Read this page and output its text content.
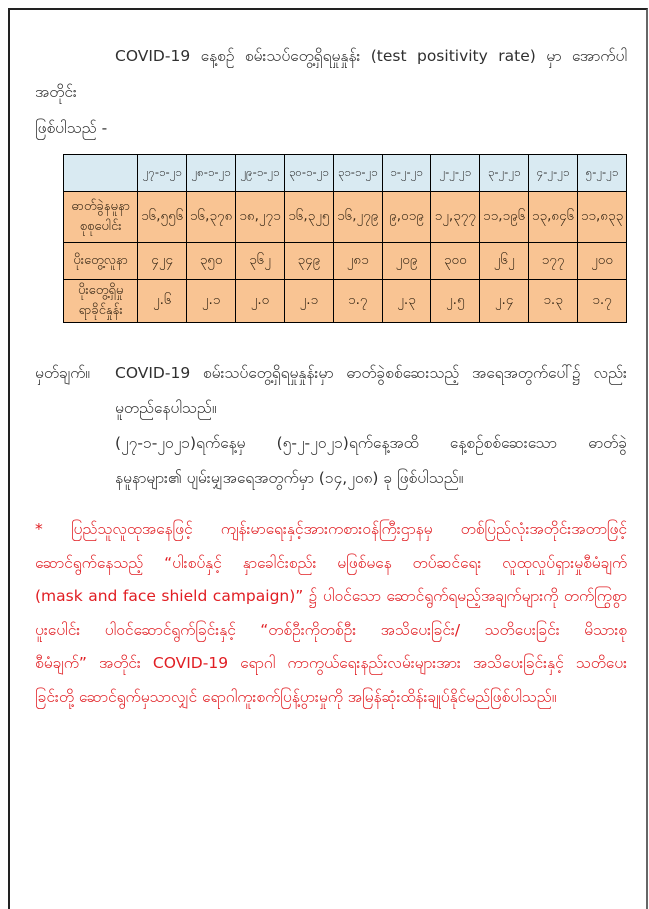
COVID-19 နေ့စဉ် စမ်းသပ်တွေ့ရှိရမှုနှုန်း (test positivity rate) မှာ အောက်ပါအတိုင်း
ဖြစ်ပါသည် -
	၂၇-၁-၂၁	၂၈-၁-၂၁	၂၉-၁-၂၁	၃၀-၁-၂၁	၃၁-၁-၂၁	၁-၂-၂၁	၂-၂-၂၁	၃-၂-၂၁	၄-၂-၂၁	၅-၂-၂၁

ဓာတ်ခွဲနမူနာ
စုစုပေါင်း	၁၆,၅၅၆	၁၆,၃၇၈	၁၈,၂၇၁	၁၆,၃၂၅	၁၆,၂၇၉	၉,၀၁၉	၁၂,၃၇၇	၁၁,၁၉၆	၁၃,၈၄၆	၁၁,၈၃၃

ပိုးတွေ့လူနာ	၄၂၄	၃၅၀	၃၆၂	၃၄၉	၂၈၁	၂၀၉	၃၀၀	၂၆၂	၁၇၇	၂၀၀

ပိုးတွေ့ရှိမှု
ရာခိုင်နှုန်း	၂.၆	၂.၁	၂.၀	၂.၁	၁.၇	၂.၃	၂.၅	၂.၄	၁.၃	၁.၇
မှတ်ချက်။	COVID-19 စမ်းသပ်တွေ့ရှိရမှုနှုန်းမှာ ဓာတ်ခွဲစစ်ဆေးသည့် အရေအတွက်ပေါ်၌ လည်း
မူတည်နေပါသည်။
(၂၇-၁-၂၀၂၁)ရက်နေ့မှ (၅-၂-၂၀၂၁)ရက်နေ့အထိ နေ့စဉ်စစ်ဆေးသော ဓာတ်ခွဲ
နမူနာများ၏ ပျမ်းမျှအရေအတွက်မှာ (၁၄,၂၀၈) ခု ဖြစ်ပါသည်။
* ပြည်သူလူထုအနေဖြင့် ကျန်းမာရေးနှင့်အားကစားဝန်ကြီးဌာနမှ တစ်ပြည်လုံးအတိုင်းအတာဖြင့်
ဆောင်ရွက်နေသည့် “ပါးစပ်နှင့် နှာခေါင်းစည်း မဖြစ်မနေ တပ်ဆင်ရေး လူထုလှုပ်ရှားမှုစီမံချက်
(mask and face shield campaign)” ၌ ပါဝင်သော ဆောင်ရွက်ရမည့်အချက်များကို တက်ကြွစွာ
ပူးပေါင်း ပါဝင်ဆောင်ရွက်ခြင်းနှင့် “တစ်ဦးကိုတစ်ဦး အသိပေးခြင်း/ သတိပေးခြင်း မိသားစု
စီမံချက်” အတိုင်း COVID-19 ရောဂါ ကာကွယ်ရေးနည်းလမ်းများအား အသိပေးခြင်းနှင့် သတိပေး
ခြင်းတို့ ဆောင်ရွက်မှသာလျှင် ရောဂါကူးစက်ပြန့်ပွားမှုကို အမြန်ဆုံးထိန်းချုပ်နိုင်မည်ဖြစ်ပါသည်။
